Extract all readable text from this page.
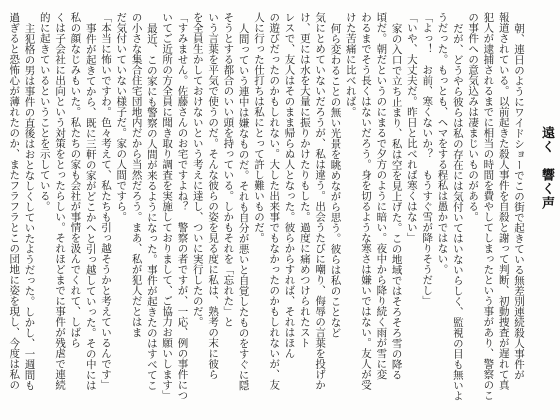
遠く　響く声
朝、連日のようにワイドショーでこの街で起きている無差別連続殺人事件が
報道されている。以前起きた殺人事件を自殺と謝って判断、初動捜査が遅れて真
犯人が逮捕されるまでに相当の時間を費やしてしまったという事があり、警察のこ
の事件への意気込みは凄まじいものがある。
だが、どうやら彼らは私の存在には気付いてはいないらしく、監視の目も無いよ
うだった。もっとも、ヘマをする程私は愚かではない。
「よっ！　お前、寒くないか？　もうすぐ雪が降りそうだし」
「いや、大丈夫だ。昨日と比べれば寒くはない」
家の入口で立ち止まり、私は空を見上げた。この地域ではそろそろ雪の降る
頃だ。朝だというのにまるで夕方のように暗い。夜中から降り続く雨が雪に変
わるまでそう長くはないだろう。身を切るような寒さは嫌いではない。友人が受
けた苦痛に比べれば。
何ら変わることの無い光景を眺めながら思う。彼らは私のことなど
気にとめていないだろうが、私は違う。出会うたびに嘲り、侮辱の言葉を投げか
け、更には水を大量に振りかけたりもした。過度に痛めつけられたスト
レスで、友人はそのまま帰らぬ人となった。彼らからすれば、それはほん
の遊びだったのかもしれない。大した出来事でもなかったのかもしれないが、友
人に行った仕打ちは私にとって許し難いものだ。
人間っていう連中は嫌なものだ。それも自分が悪いと自覚したものをすぐに隠
そうとする都合のいい頭を持っている。しかもそれを「忘れた」と
いう言葉を平気で使うのだ。そんな彼らの姿を見る度に私は、熟考の末に彼ら
を全員生かしておけないという考えに達し、ついに実行したのだ。
「すみません。佐藤さんのお宅ですよね？　警察の者ですが、一応、例の事件につ
いてご近所の方全員に聞き取り調査を実施しておりまして、ご協力お願いします」
最近、この家にも警察の人間が来るようになった。事件が起きたのはすべてこ
の小さな集合住宅団地内だから当然だろう。まあ、私が犯人だとはま
だ気付いていない様子だ。家の人間ですら。
「本当に怖いですわ。色々考えて、私たちも引っ越そうかと考えているんです」
事件が起きてから、既に三軒の家がどこかへと引っ越していった。その中には
私の顔なじみもいた。私たちの家も会社が事情を汲んでくれて、しばら
くは子会社に出向という対策をとったらしい。それほどまでに事件が残虐で連続
的に起きているということを示している。
主犯格の男は事件の直後はおとなしくしていたようだった。しかし、一週間も
過ぎると恐怖心が薄れたのか、またフラフラとこの団地に姿を現し、今度は私の
